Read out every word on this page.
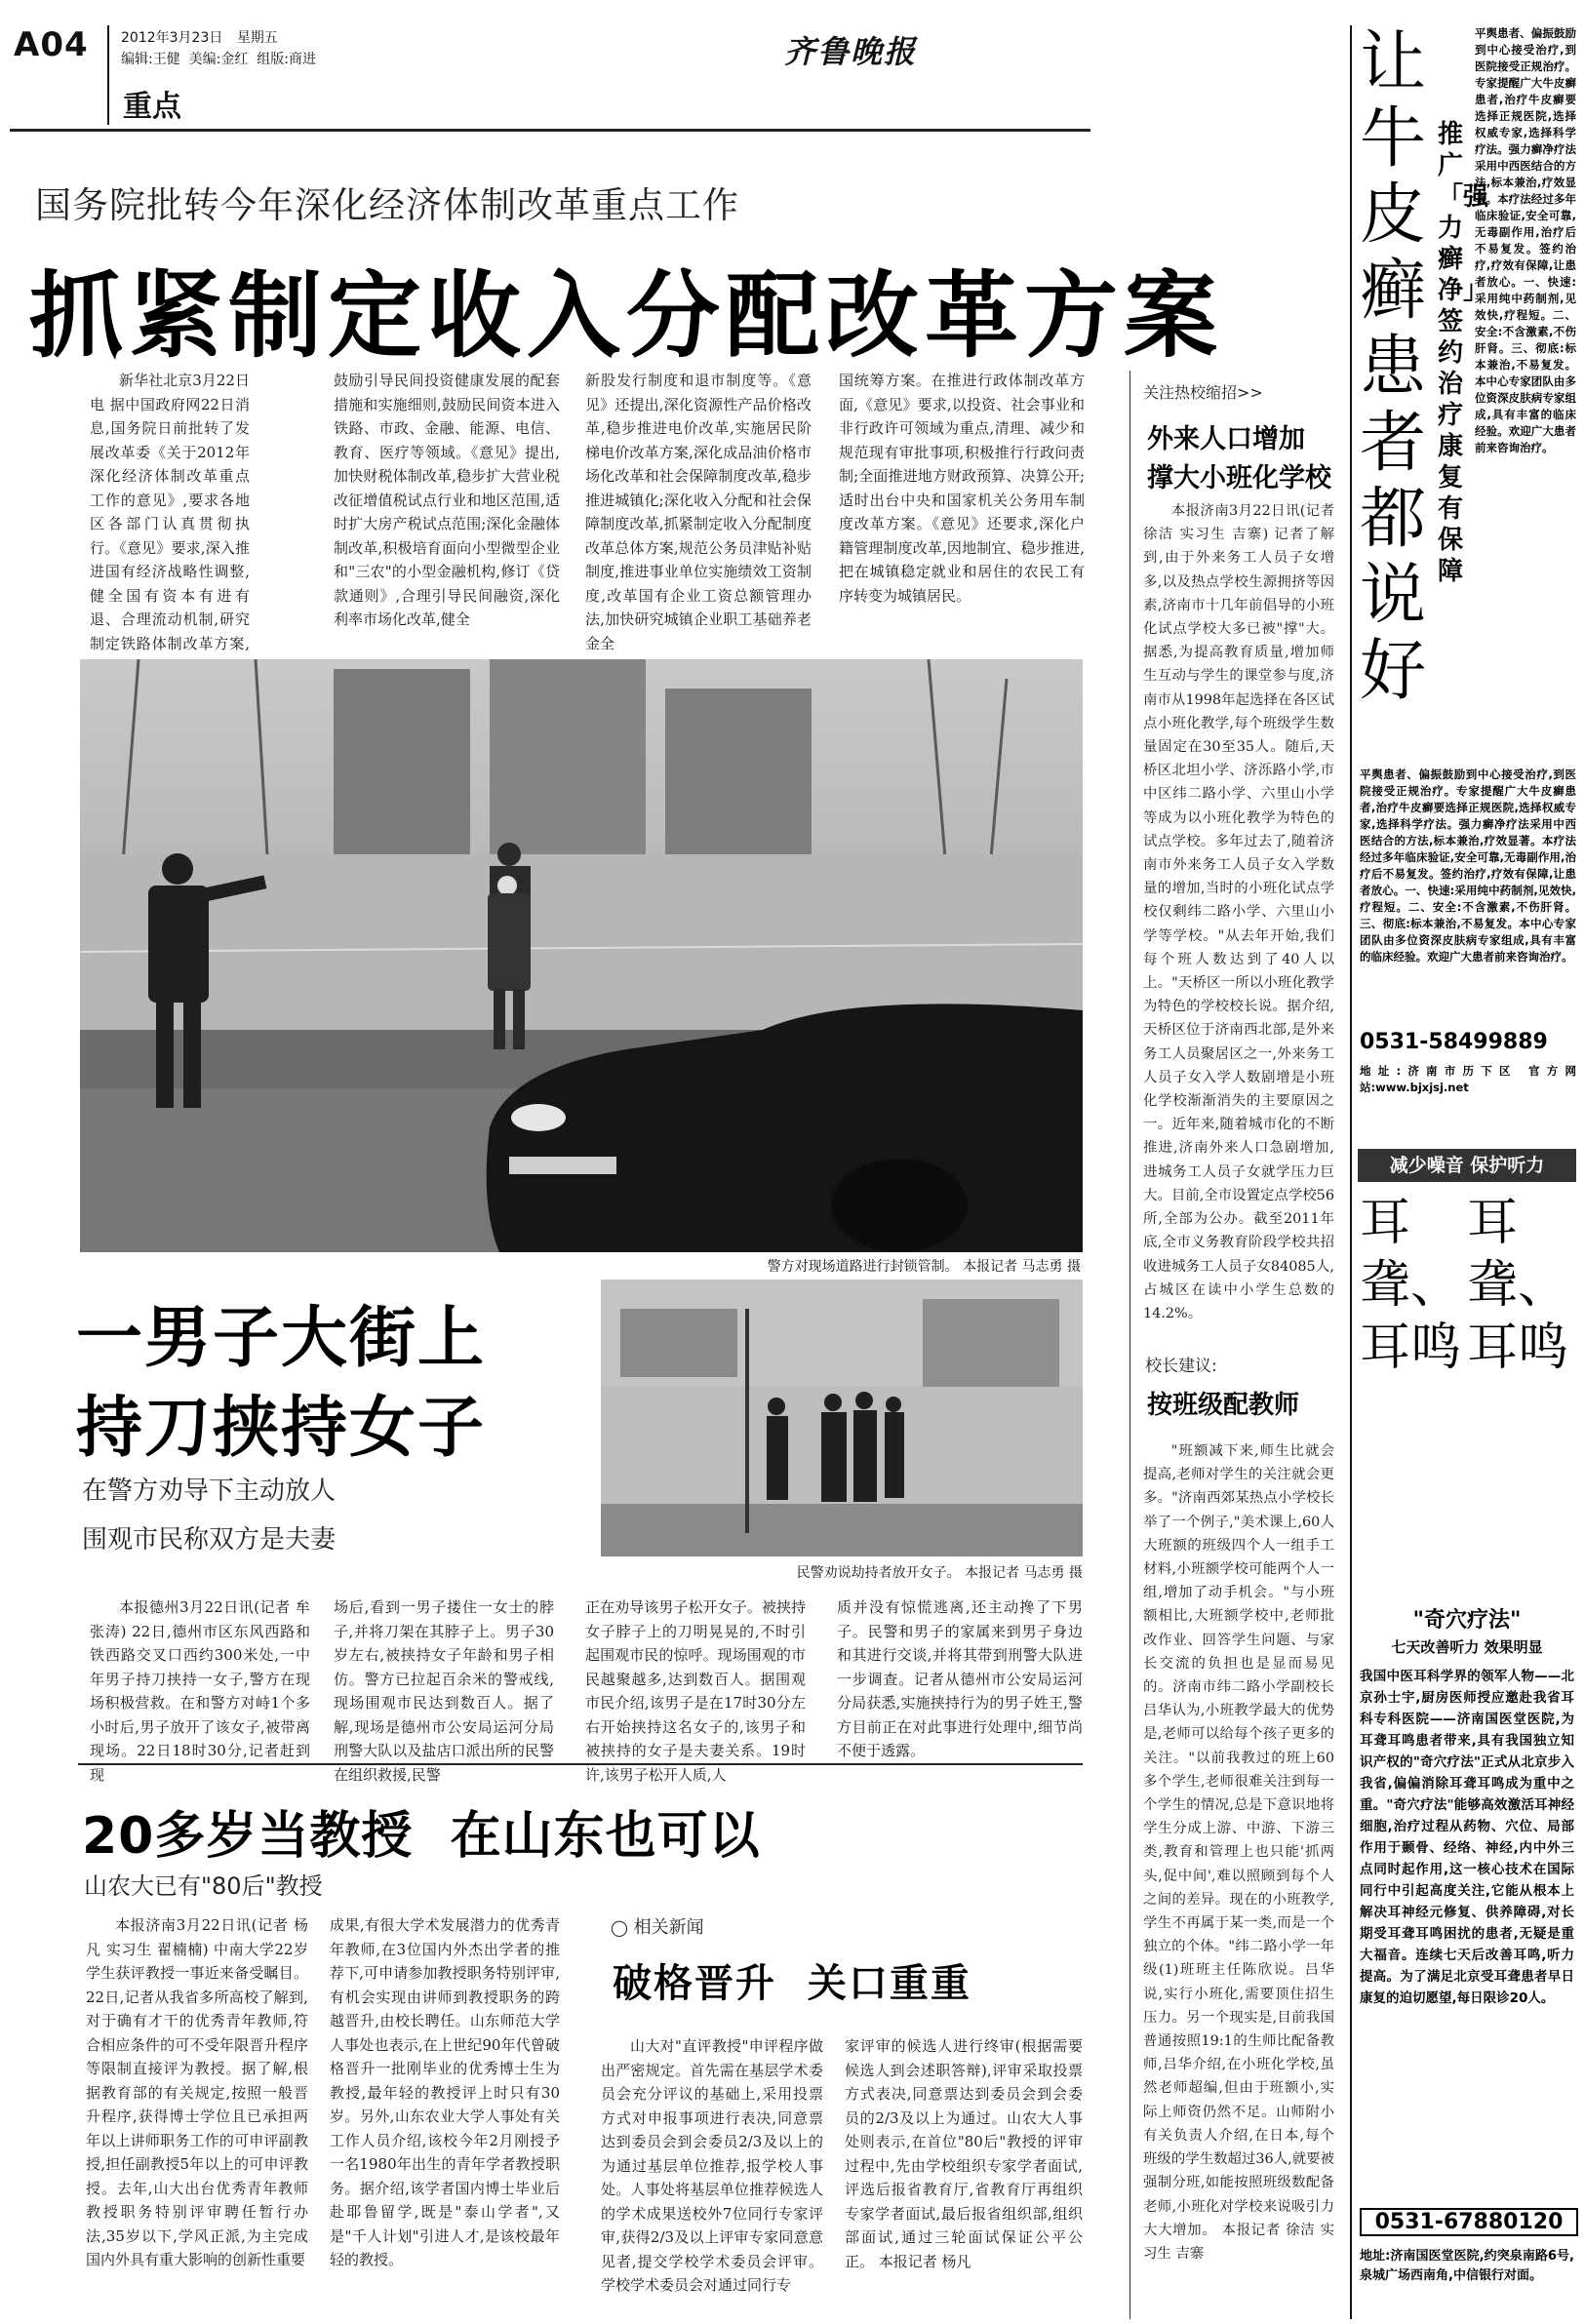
A04 2012年3月23日 星期五
编辑:王健  美编:金红  组版:商进
重点
齐鲁晚报
国务院批转今年深化经济体制改革重点工作
抓紧制定收入分配改革方案

新华社北京3月22日电 据中国政府网22日消息,国务院日前批转了发展改革委《关于2012年深化经济体制改革重点工作的意见》,要求各地区各部门认真贯彻执行。《意见》要求,深入推进国有经济战略性调整,健全国有资本有进有退、合理流动机制,研究制定铁路体制改革方案,

鼓励引导民间投资健康发展的配套措施和实施细则,鼓励民间资本进入铁路、市政、金融、能源、电信、教育、医疗等领域。《意见》提出,加快财税体制改革,稳步扩大营业税改征增值税试点行业和地区范围,适时扩大房产税试点范围;深化金融体制改革,积极培育面向小型微型企业和"三农"的小型金融机构,修订《贷款通则》,合理引导民间融资,深化利率市场化改革,健全

新股发行制度和退市制度等。《意见》还提出,深化资源性产品价格改革,稳步推进电价改革,实施居民阶梯电价改革方案,深化成品油价格市场化改革和社会保障制度改革,稳步推进城镇化;深化收入分配和社会保障制度改革,抓紧制定收入分配制度改革总体方案,规范公务员津贴补贴制度,推进事业单位实施绩效工资制度,改革国有企业工资总额管理办法,加快研究城镇企业职工基础养老金全

国统筹方案。在推进行政体制改革方面,《意见》要求,以投资、社会事业和非行政许可领域为重点,清理、减少和规范现有审批事项,积极推行行政问责制;全面推进地方财政预算、决算公开;适时出台中央和国家机关公务用车制度改革方案。《意见》还要求,深化户籍管理制度改革,因地制宜、稳步推进,把在城镇稳定就业和居住的农民工有序转变为城镇居民。

警方对现场道路进行封锁管制。 本报记者 马志勇 摄
一男子大街上
持刀挟持女子
在警方劝导下主动放人
围观市民称双方是夫妻
民警劝说劫持者放开女子。 本报记者 马志勇 摄

本报德州3月22日讯(记者 牟张涛) 22日,德州市区东风西路和铁西路交叉口西约300米处,一中年男子持刀挟持一女子,警方在现场积极营救。在和警方对峙1个多小时后,男子放开了该女子,被带离现场。22日18时30分,记者赶到现

场后,看到一男子搂住一女士的脖子,并将刀架在其脖子上。男子30岁左右,被挟持女子年龄和男子相仿。警方已拉起百余米的警戒线,现场围观市民达到数百人。据了解,现场是德州市公安局运河分局刑警大队以及盐店口派出所的民警在组织救援,民警

正在劝导该男子松开女子。被挟持女子脖子上的刀明晃晃的,不时引起围观市民的惊呼。现场围观的市民越聚越多,达到数百人。据围观市民介绍,该男子是在17时30分左右开始挟持这名女子的,该男子和被挟持的女子是夫妻关系。19时许,该男子松开人质,人

质并没有惊慌逃离,还主动搀了下男子。民警和男子的家属来到男子身边和其进行交谈,并将其带到刑警大队进一步调查。记者从德州市公安局运河分局获悉,实施挟持行为的男子姓王,警方目前正在对此事进行处理中,细节尚不便于透露。

20多岁当教授  在山东也可以
山农大已有"80后"教授

本报济南3月22日讯(记者 杨凡 实习生 翟楠楠) 中南大学22岁学生获评教授一事近来备受瞩目。22日,记者从我省多所高校了解到,对于确有才干的优秀青年教师,符合相应条件的可不受年限晋升程序等限制直接评为教授。据了解,根据教育部的有关规定,按照一般晋升程序,获得博士学位且已承担两年以上讲师职务工作的可申评副教授,担任副教授5年以上的可申评教授。去年,山大出台优秀青年教师教授职务特别评审聘任暂行办法,35岁以下,学风正派,为主完成国内外具有重大影响的创新性重要

成果,有很大学术发展潜力的优秀青年教师,在3位国内外杰出学者的推荐下,可申请参加教授职务特别评审,有机会实现由讲师到教授职务的跨越晋升,由校长聘任。山东师范大学人事处也表示,在上世纪90年代曾破格晋升一批刚毕业的优秀博士生为教授,最年轻的教授评上时只有30岁。另外,山东农业大学人事处有关工作人员介绍,该校今年2月刚授予一名1980年出生的青年学者教授职务。据介绍,该学者国内博士毕业后赴耶鲁留学,既是"泰山学者",又是"千人计划"引进人才,是该校最年轻的教授。

◯ 相关新闻
破格晋升  关口重重

山大对"直评教授"申评程序做出严密规定。首先需在基层学术委员会充分评议的基础上,采用投票方式对申报事项进行表决,同意票达到委员会到会委员2/3及以上的为通过基层单位推荐,报学校人事处。人事处将基层单位推荐候选人的学术成果送校外7位同行专家评审,获得2/3及以上评审专家同意意见者,提交学校学术委员会评审。学校学术委员会对通过同行专

家评审的候选人进行终审(根据需要候选人到会述职答辩),评审采取投票方式表决,同意票达到委员会到会委员的2/3及以上为通过。山农大人事处则表示,在首位"80后"教授的评审过程中,先由学校组织专家学者面试,评选后报省教育厅,省教育厅再组织专家学者面试,最后报省组织部,组织部面试,通过三轮面试保证公平公正。 本报记者 杨凡

关注热校缩招>>
外来人口增加
撑大小班化学校

本报济南3月22日讯(记者 徐洁 实习生 吉寨) 记者了解到,由于外来务工人员子女增多,以及热点学校生源拥挤等因素,济南市十几年前倡导的小班化试点学校大多已被"撑"大。据悉,为提高教育质量,增加师生互动与学生的课堂参与度,济南市从1998年起选择在各区试点小班化教学,每个班级学生数量固定在30至35人。随后,天桥区北坦小学、济泺路小学,市中区纬二路小学、六里山小学等成为以小班化教学为特色的试点学校。多年过去了,随着济南市外来务工人员子女入学数量的增加,当时的小班化试点学校仅剩纬二路小学、六里山小学等学校。"从去年开始,我们每个班人数达到了40人以上。"天桥区一所以小班化教学为特色的学校校长说。据介绍,天桥区位于济南西北部,是外来务工人员聚居区之一,外来务工人员子女入学人数剧增是小班化学校渐渐消失的主要原因之一。近年来,随着城市化的不断推进,济南外来人口急剧增加,进城务工人员子女就学压力巨大。目前,全市设置定点学校56所,全部为公办。截至2011年底,全市义务教育阶段学校共招收进城务工人员子女84085人,占城区在读中小学生总数的14.2%。

校长建议:
按班级配教师

"班额减下来,师生比就会提高,老师对学生的关注就会更多。"济南西郊某热点小学校长举了一个例子,"美术课上,60人大班额的班级四个人一组手工材料,小班额学校可能两个人一组,增加了动手机会。"与小班额相比,大班额学校中,老师批改作业、回答学生问题、与家长交流的负担也是显而易见的。济南市纬二路小学副校长吕华认为,小班教学最大的优势是,老师可以给每个孩子更多的关注。"以前我教过的班上60多个学生,老师很难关注到每一个学生的情况,总是下意识地将学生分成上游、中游、下游三类,教育和管理上也只能'抓两头,促中间',难以照顾到每个人之间的差异。现在的小班教学,学生不再属于某一类,而是一个独立的个体。"纬二路小学一年级(1)班班主任陈欣说。吕华说,实行小班化,需要顶住招生压力。另一个现实是,目前我国普通按照19:1的生师比配备教师,吕华介绍,在小班化学校,虽然老师超编,但由于班额小,实际上师资仍然不足。山师附小有关负责人介绍,在日本,每个班级的学生数超过36人,就要被强制分班,如能按照班级数配备老师,小班化对学校来说吸引力大大增加。 本报记者 徐洁 实习生 吉寨

让牛皮癣患者都说好
推广「强力癣净」签约治疗康复有保障
平舆患者、偏振鼓励到中心接受治疗,到医院接受正规治疗。专家提醒广大牛皮癣患者,治疗牛皮癣要选择正规医院,选择权威专家,选择科学疗法。强力癣净疗法采用中西医结合的方法,标本兼治,疗效显著。本疗法经过多年临床验证,安全可靠,无毒副作用,治疗后不易复发。签约治疗,疗效有保障,让患者放心。一、快速:采用纯中药制剂,见效快,疗程短。二、安全:不含激素,不伤肝肾。三、彻底:标本兼治,不易复发。本中心专家团队由多位资深皮肤病专家组成,具有丰富的临床经验。欢迎广大患者前来咨询治疗。
平舆患者、偏振鼓励到中心接受治疗,到医院接受正规治疗。专家提醒广大牛皮癣患者,治疗牛皮癣要选择正规医院,选择权威专家,选择科学疗法。强力癣净疗法采用中西医结合的方法,标本兼治,疗效显著。本疗法经过多年临床验证,安全可靠,无毒副作用,治疗后不易复发。签约治疗,疗效有保障,让患者放心。一、快速:采用纯中药制剂,见效快,疗程短。二、安全:不含激素,不伤肝肾。三、彻底:标本兼治,不易复发。本中心专家团队由多位资深皮肤病专家组成,具有丰富的临床经验。欢迎广大患者前来咨询治疗。
0531-58499889
地址:济南市历下区 官方网站:www.bjxjsj.net
减少噪音 保护听力
耳聋、耳鸣
耳聋、耳鸣
"奇穴疗法"
七天改善听力 效果明显
我国中医耳科学界的领军人物——北京孙士宇,厨房医师授应邀赴我省耳科专科医院——济南国医堂医院,为耳聋耳鸣患者带来,具有我国独立知识产权的"奇穴疗法"正式从北京步入我省,偏偏消除耳聋耳鸣成为重中之重。"奇穴疗法"能够高效激活耳神经细胞,治疗过程从药物、穴位、局部作用于颞骨、经络、神经,内中外三点同时起作用,这一核心技术在国际同行中引起高度关注,它能从根本上解决耳神经元修复、供养障碍,对长期受耳聋耳鸣困扰的患者,无疑是重大福音。连续七天后改善耳鸣,听力提高。为了满足北京受耳聋患者早日康复的迫切愿望,每日限诊20人。
0531-67880120
地址:济南国医堂医院,约突泉南路6号,泉城广场西南角,中信银行对面。
